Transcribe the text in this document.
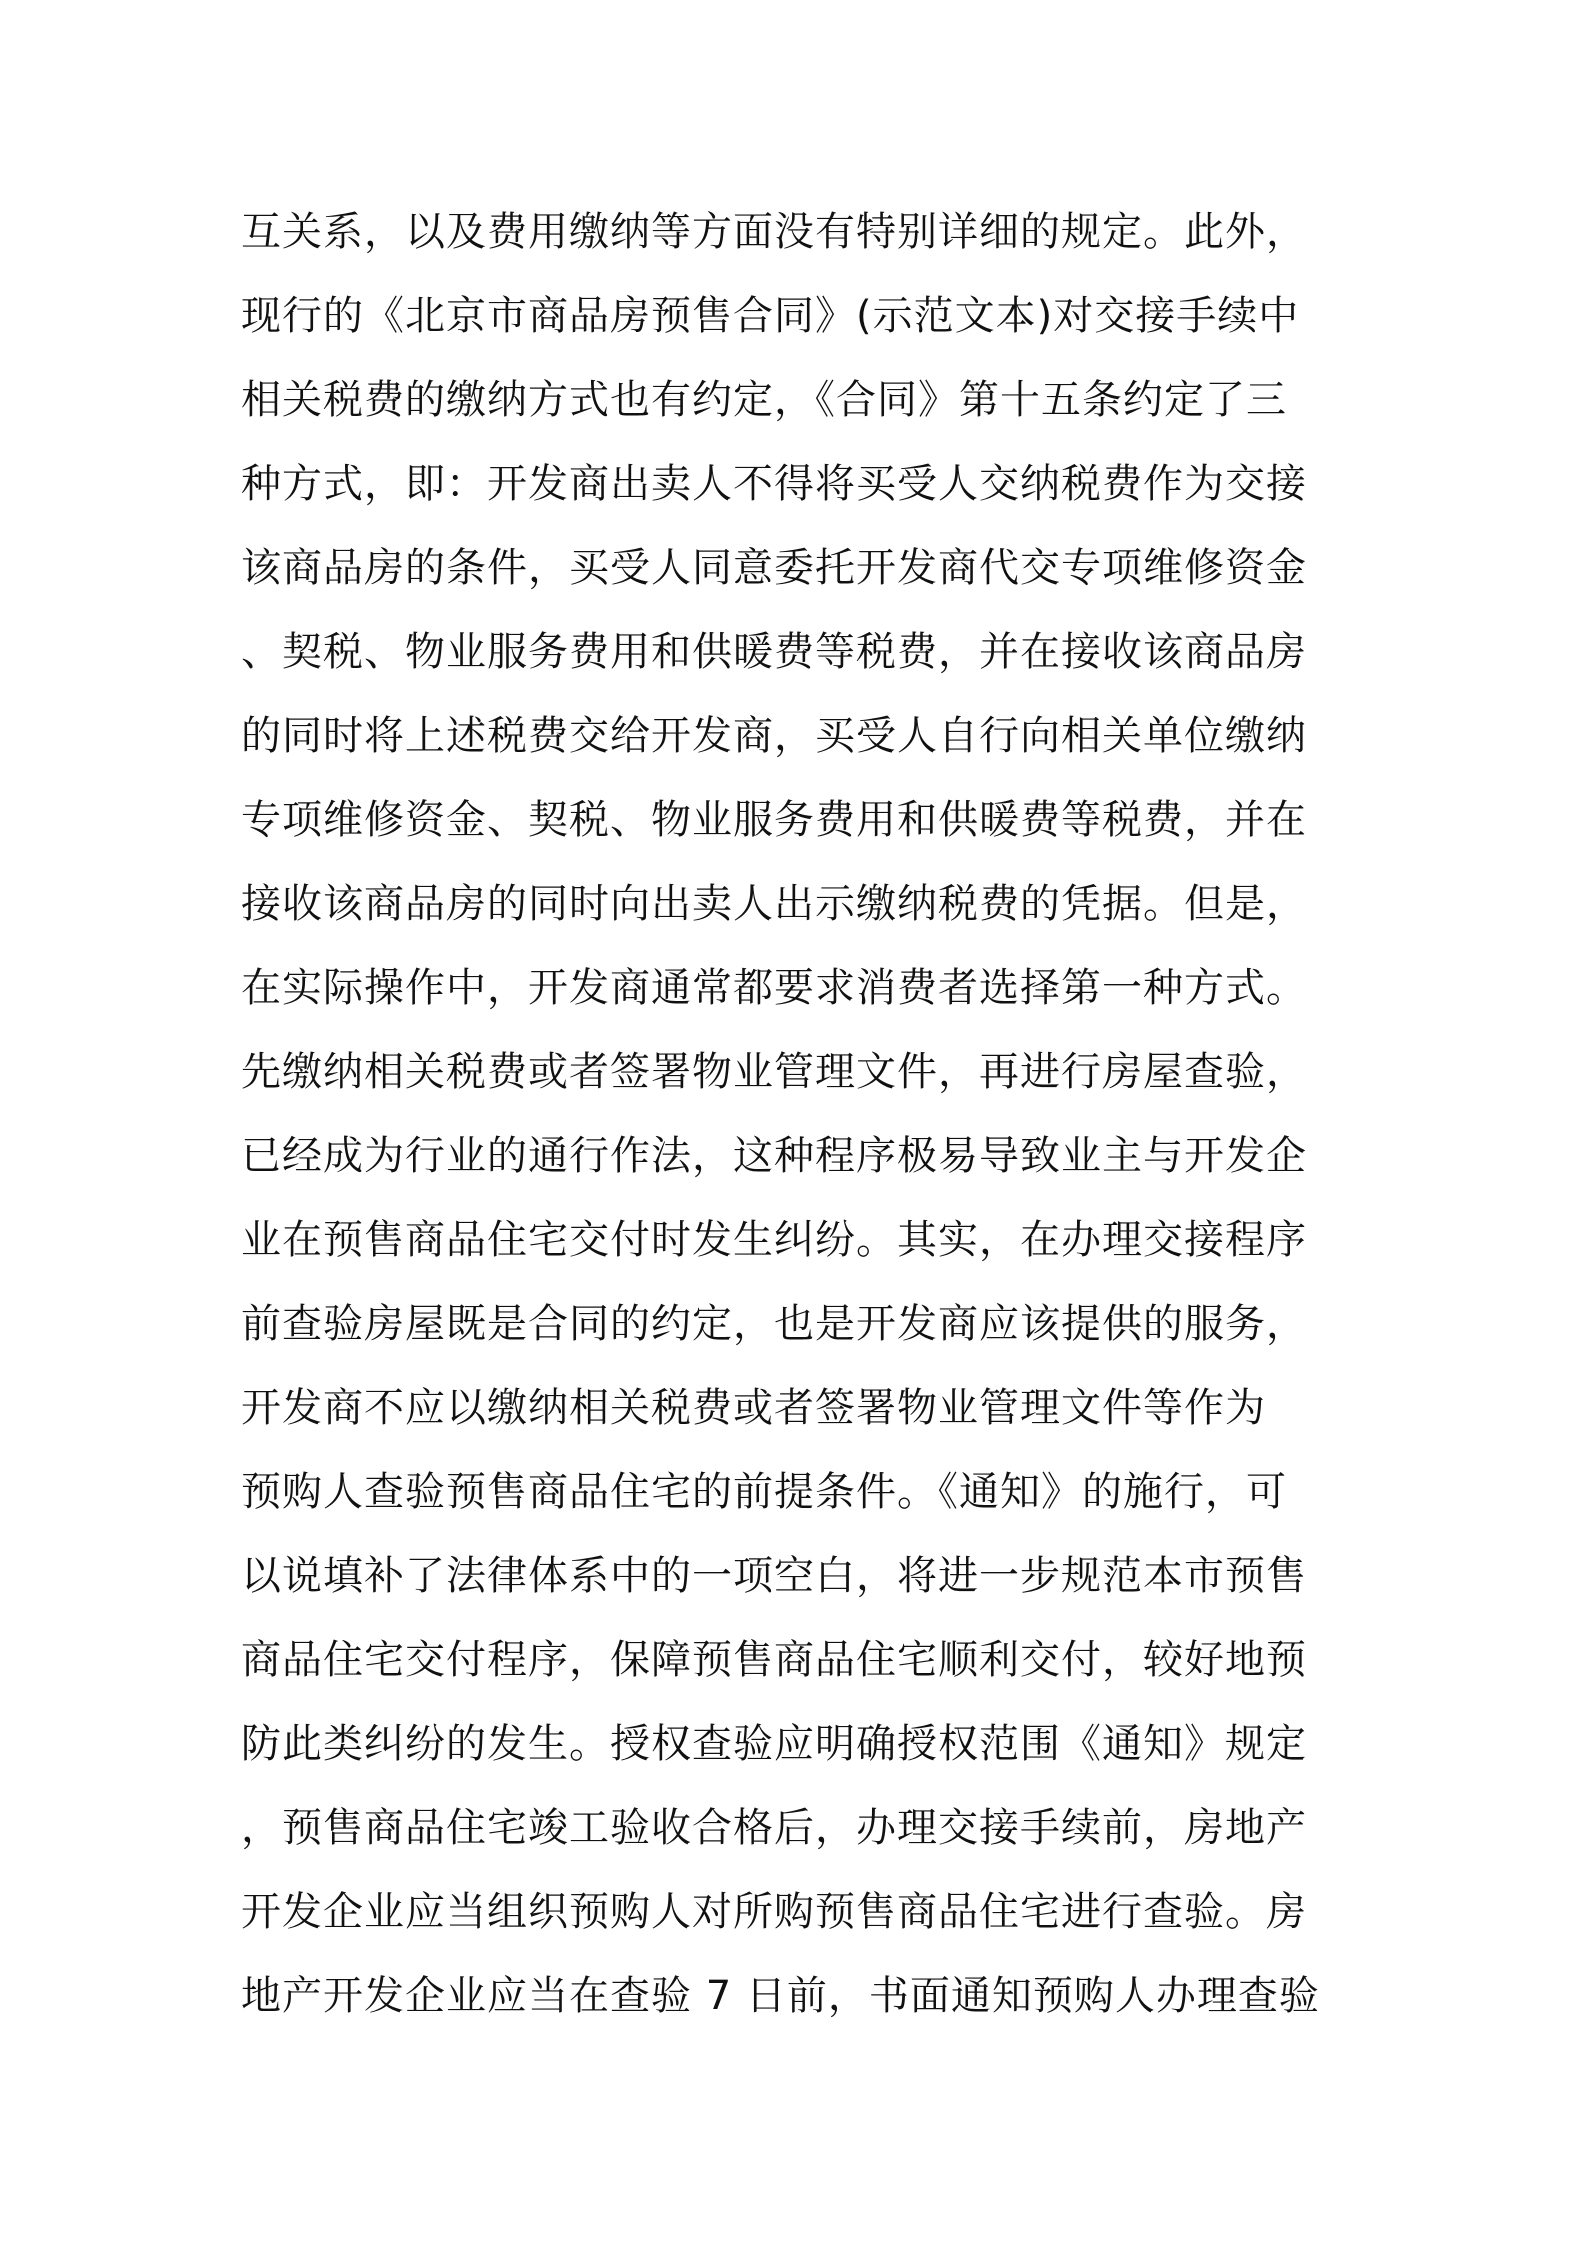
互关系，以及费用缴纳等方面没有特别详细的规定。此外，
现行的《北京市商品房预售合同》(示范文本)对交接手续中
相关税费的缴纳方式也有约定，《合同》第十五条约定了三
种方式，即：开发商出卖人不得将买受人交纳税费作为交接
该商品房的条件，买受人同意委托开发商代交专项维修资金
、契税、物业服务费用和供暖费等税费，并在接收该商品房
的同时将上述税费交给开发商，买受人自行向相关单位缴纳
专项维修资金、契税、物业服务费用和供暖费等税费，并在
接收该商品房的同时向出卖人出示缴纳税费的凭据。但是，
在实际操作中，开发商通常都要求消费者选择第一种方式。
先缴纳相关税费或者签署物业管理文件，再进行房屋查验，
已经成为行业的通行作法，这种程序极易导致业主与开发企
业在预售商品住宅交付时发生纠纷。其实，在办理交接程序
前查验房屋既是合同的约定，也是开发商应该提供的服务，
开发商不应以缴纳相关税费或者签署物业管理文件等作为
预购人查验预售商品住宅的前提条件。《通知》的施行，可
以说填补了法律体系中的一项空白，将进一步规范本市预售
商品住宅交付程序，保障预售商品住宅顺利交付，较好地预
防此类纠纷的发生。授权查验应明确授权范围《通知》规定
，预售商品住宅竣工验收合格后，办理交接手续前，房地产
开发企业应当组织预购人对所购预售商品住宅进行查验。房
地产开发企业应当在查验 7 日前，书面通知预购人办理查验
